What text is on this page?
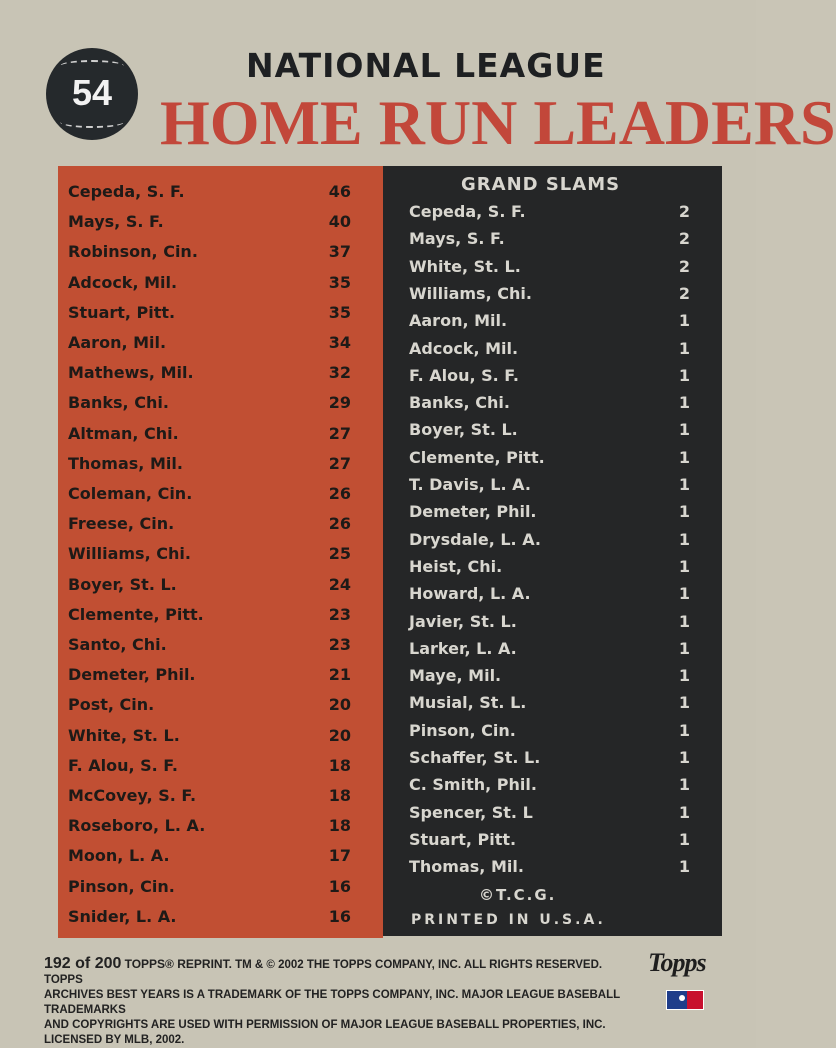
54
NATIONAL LEAGUE
HOME RUN LEADERS
Cepeda, S. F.	46
Mays, S. F.	40
Robinson, Cin.	37
Adcock, Mil.	35
Stuart, Pitt.	35
Aaron, Mil.	34
Mathews, Mil.	32
Banks, Chi.	29
Altman, Chi.	27
Thomas, Mil.	27
Coleman, Cin.	26
Freese, Cin.	26
Williams, Chi.	25
Boyer, St. L.	24
Clemente, Pitt.	23
Santo, Chi.	23
Demeter, Phil.	21
Post, Cin.	20
White, St. L.	20
F. Alou, S. F.	18
McCovey, S. F.	18
Roseboro, L. A.	18
Moon, L. A.	17
Pinson, Cin.	16
Snider, L. A.	16
GRAND SLAMS
©T.C.G.
PRINTED IN U.S.A.
Cepeda, S. F.	2
Mays, S. F.	2
White, St. L.	2
Williams, Chi.	2
Aaron, Mil.	1
Adcock, Mil.	1
F. Alou, S. F.	1
Banks, Chi.	1
Boyer, St. L.	1
Clemente, Pitt.	1
T. Davis, L. A.	1
Demeter, Phil.	1
Drysdale, L. A.	1
Heist, Chi.	1
Howard, L. A.	1
Javier, St. L.	1
Larker, L. A.	1
Maye, Mil.	1
Musial, St. L.	1
Pinson, Cin.	1
Schaffer, St. L.	1
C. Smith, Phil.	1
Spencer, St. L	1
Stuart, Pitt.	1
Thomas, Mil.	1
192 of 200 TOPPS® REPRINT. TM & © 2002 THE TOPPS COMPANY, INC. ALL RIGHTS RESERVED. TOPPS
ARCHIVES BEST YEARS IS A TRADEMARK OF THE TOPPS COMPANY, INC. MAJOR LEAGUE BASEBALL TRADEMARKS
AND COPYRIGHTS ARE USED WITH PERMISSION OF MAJOR LEAGUE BASEBALL PROPERTIES, INC. LICENSED BY MLB, 2002.
Topps
